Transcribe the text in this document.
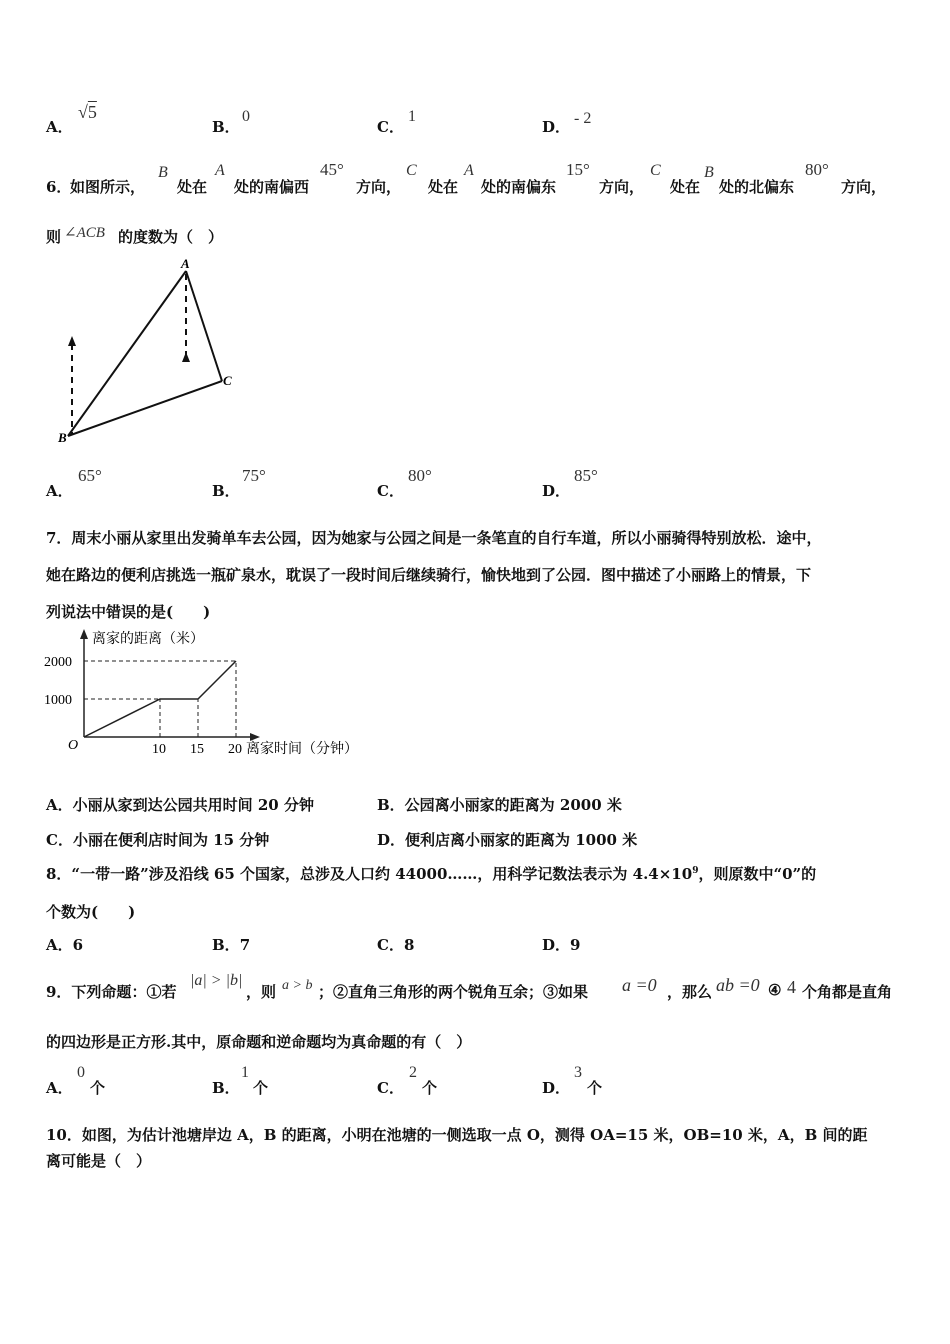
A．
√5
B．
0
C．
1
D． - 2
6．
如图所示，
B
处在
A
处的南偏西
45°
方向，
C
处在
A
处的南偏东
15°
方向，
C
处在
B
处的北偏东
80°
方向，
则 ∠ACB 的度数为（　）
A
B
C
A．
65°
B．
75°
C．
80°
D．
85°
7．周末小丽从家里出发骑单车去公园，因为她家与公园之间是一条笔直的自行车道，所以小丽骑得特别放松．途中，
她在路边的便利店挑选一瓶矿泉水，耽误了一段时间后继续骑行，愉快地到了公园．图中描述了小丽路上的情景，下
列说法中错误的是(　　)
10 15 20
1000
2000
离家的距离（米）
离家时间（分钟）
O
A．小丽从家到达公园共用时间 20 分钟	B．公园离小丽家的距离为 2000 米
C．小丽在便利店时间为 15 分钟	D．便利店离小丽家的距离为 1000 米
8．“一带一路”涉及沿线 65 个国家，总涉及人口约 44000……，用科学记数法表示为 $4.4\times 10^9$，则原数中“0”的
个数为(　　)
A．6	B．7	C．8	D．9
9．下列命题：①若
|a| > |b|
，则 a > b ；②直角三角形的两个锐角互余；③如果 a =0 ，那么 ab =0 ④ 4 个角都是直角
的四边形是正方形.其中，原命题和逆命题均为真命题的有（　）
A．
0
个	B．
1
个	C．
2
个	D．
3
个
10．如图，为估计池塘岸边 A，B 的距离，小明在池塘的一侧选取一点 O，测得 OA=15 米，OB=10 米，A，B 间的距
离可能是（　）
